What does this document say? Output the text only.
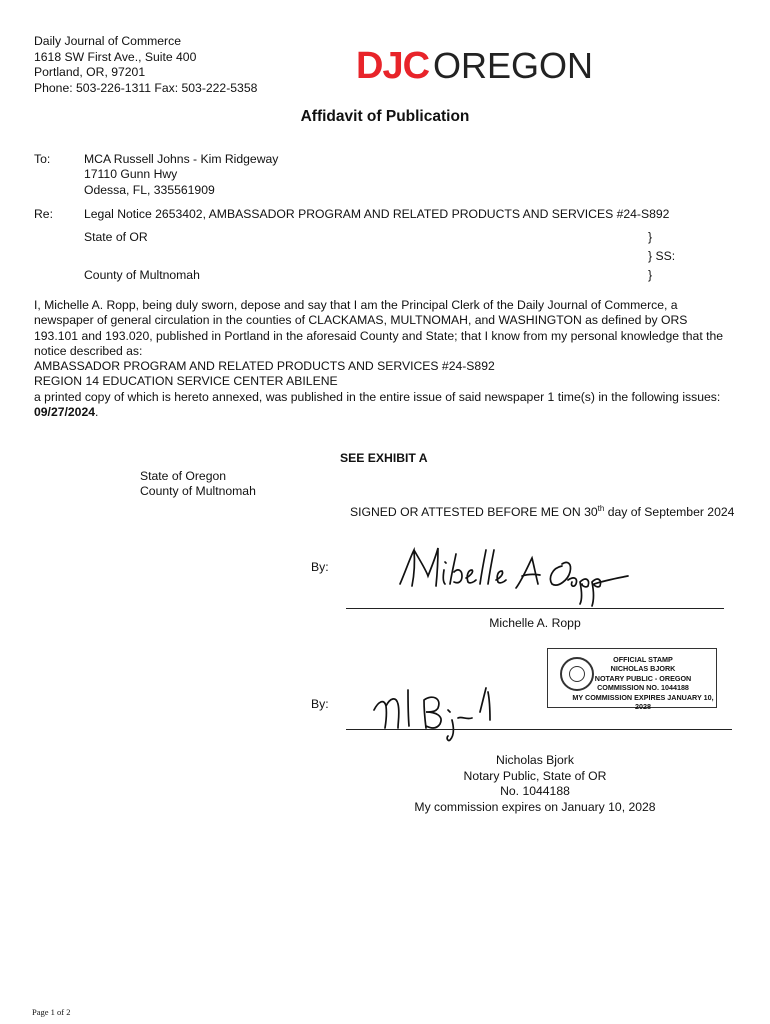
Daily Journal of Commerce
1618 SW First Ave., Suite 400
Portland, OR, 97201
Phone: 503-226-1311 Fax: 503-222-5358
DJC OREGON
Affidavit of Publication
To:	MCA Russell Johns - Kim Ridgeway
17110 Gunn Hwy
Odessa, FL, 335561909
Re:	Legal Notice 2653402, AMBASSADOR PROGRAM AND RELATED PRODUCTS AND SERVICES #24-S892
State of OR
County of Multnomah
}
} SS:
}
I, Michelle A. Ropp, being duly sworn, depose and say that I am the Principal Clerk of the Daily Journal of Commerce, a newspaper of general circulation in the counties of CLACKAMAS, MULTNOMAH, and WASHINGTON as defined by ORS 193.101 and 193.020, published in Portland in the aforesaid County and State; that I know from my personal knowledge that the notice described as:
AMBASSADOR PROGRAM AND RELATED PRODUCTS AND SERVICES #24-S892
REGION 14 EDUCATION SERVICE CENTER ABILENE
a printed copy of which is hereto annexed, was published in the entire issue of said newspaper 1 time(s) in the following issues:
09/27/2024.
SEE EXHIBIT A
State of Oregon
County of Multnomah
SIGNED OR ATTESTED BEFORE ME ON 30th day of September 2024
By:
Michelle A. Ropp
OFFICIAL STAMP
NICHOLAS BJORK
NOTARY PUBLIC - OREGON
COMMISSION NO. 1044188
MY COMMISSION EXPIRES JANUARY 10, 2028
By:
Nicholas Bjork
Notary Public, State of OR
No. 1044188
My commission expires on January 10, 2028
Page 1 of 2
